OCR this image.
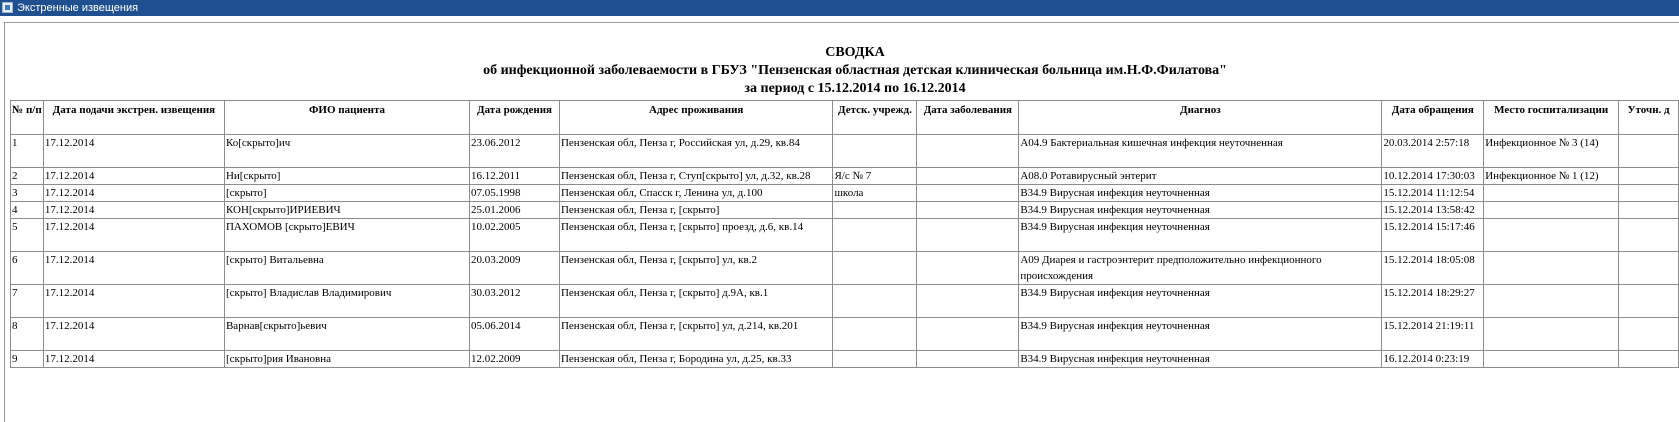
Экстренные извещения
СВОДКА
об инфекционной заболеваемости в ГБУЗ "Пензенская областная детская клиническая больница им.Н.Ф.Филатова"
за период с 15.12.2014 по 16.12.2014
№ п/п	Дата подачи экстрен. извещения	ФИО пациента	Дата рождения	Адрес проживания	Детск. учрежд.	Дата заболевания	Диагноз	Дата обращения	Место госпитализации	Уточн. д
1	17.12.2014	Ко[скрыто]ич	23.06.2012	Пензенская обл, Пенза г, Российская ул, д.29, кв.84			A04.9 Бактериальная кишечная инфекция неуточненная	20.03.2014 2:57:18	Инфекционное № 3 (14)	
2	17.12.2014	Ни[скрыто]	16.12.2011	Пензенская обл, Пенза г, Ступ[скрыто] ул, д.32, кв.28	Я/с № 7		A08.0 Ротавирусный энтерит	10.12.2014 17:30:03	Инфекционное № 1 (12)	
3	17.12.2014	[скрыто]	07.05.1998	Пензенская обл, Спасск г, Ленина ул, д.100	школа		B34.9 Вирусная инфекция неуточненная	15.12.2014 11:12:54		
4	17.12.2014	КОН[скрыто]ИРИЕВИЧ	25.01.2006	Пензенская обл, Пенза г, [скрыто]			B34.9 Вирусная инфекция неуточненная	15.12.2014 13:58:42		
5	17.12.2014	ПАХОМОВ [скрыто]ЕВИЧ	10.02.2005	Пензенская обл, Пенза г, [скрыто] проезд, д.6, кв.14			B34.9 Вирусная инфекция неуточненная	15.12.2014 15:17:46		
6	17.12.2014	[скрыто] Витальевна	20.03.2009	Пензенская обл, Пенза г, [скрыто] ул, кв.2			A09 Диарея и гастроэнтерит предположительно инфекционного происхождения	15.12.2014 18:05:08		
7	17.12.2014	[скрыто] Владислав Владимирович	30.03.2012	Пензенская обл, Пенза г, [скрыто] д.9А, кв.1			B34.9 Вирусная инфекция неуточненная	15.12.2014 18:29:27		
8	17.12.2014	Варнав[скрыто]ьевич	05.06.2014	Пензенская обл, Пенза г, [скрыто] ул, д.214, кв.201			B34.9 Вирусная инфекция неуточненная	15.12.2014 21:19:11		
9	17.12.2014	[скрыто]рия Ивановна	12.02.2009	Пензенская обл, Пенза г, Бородина ул, д.25, кв.33			B34.9 Вирусная инфекция неуточненная	16.12.2014 0:23:19		
